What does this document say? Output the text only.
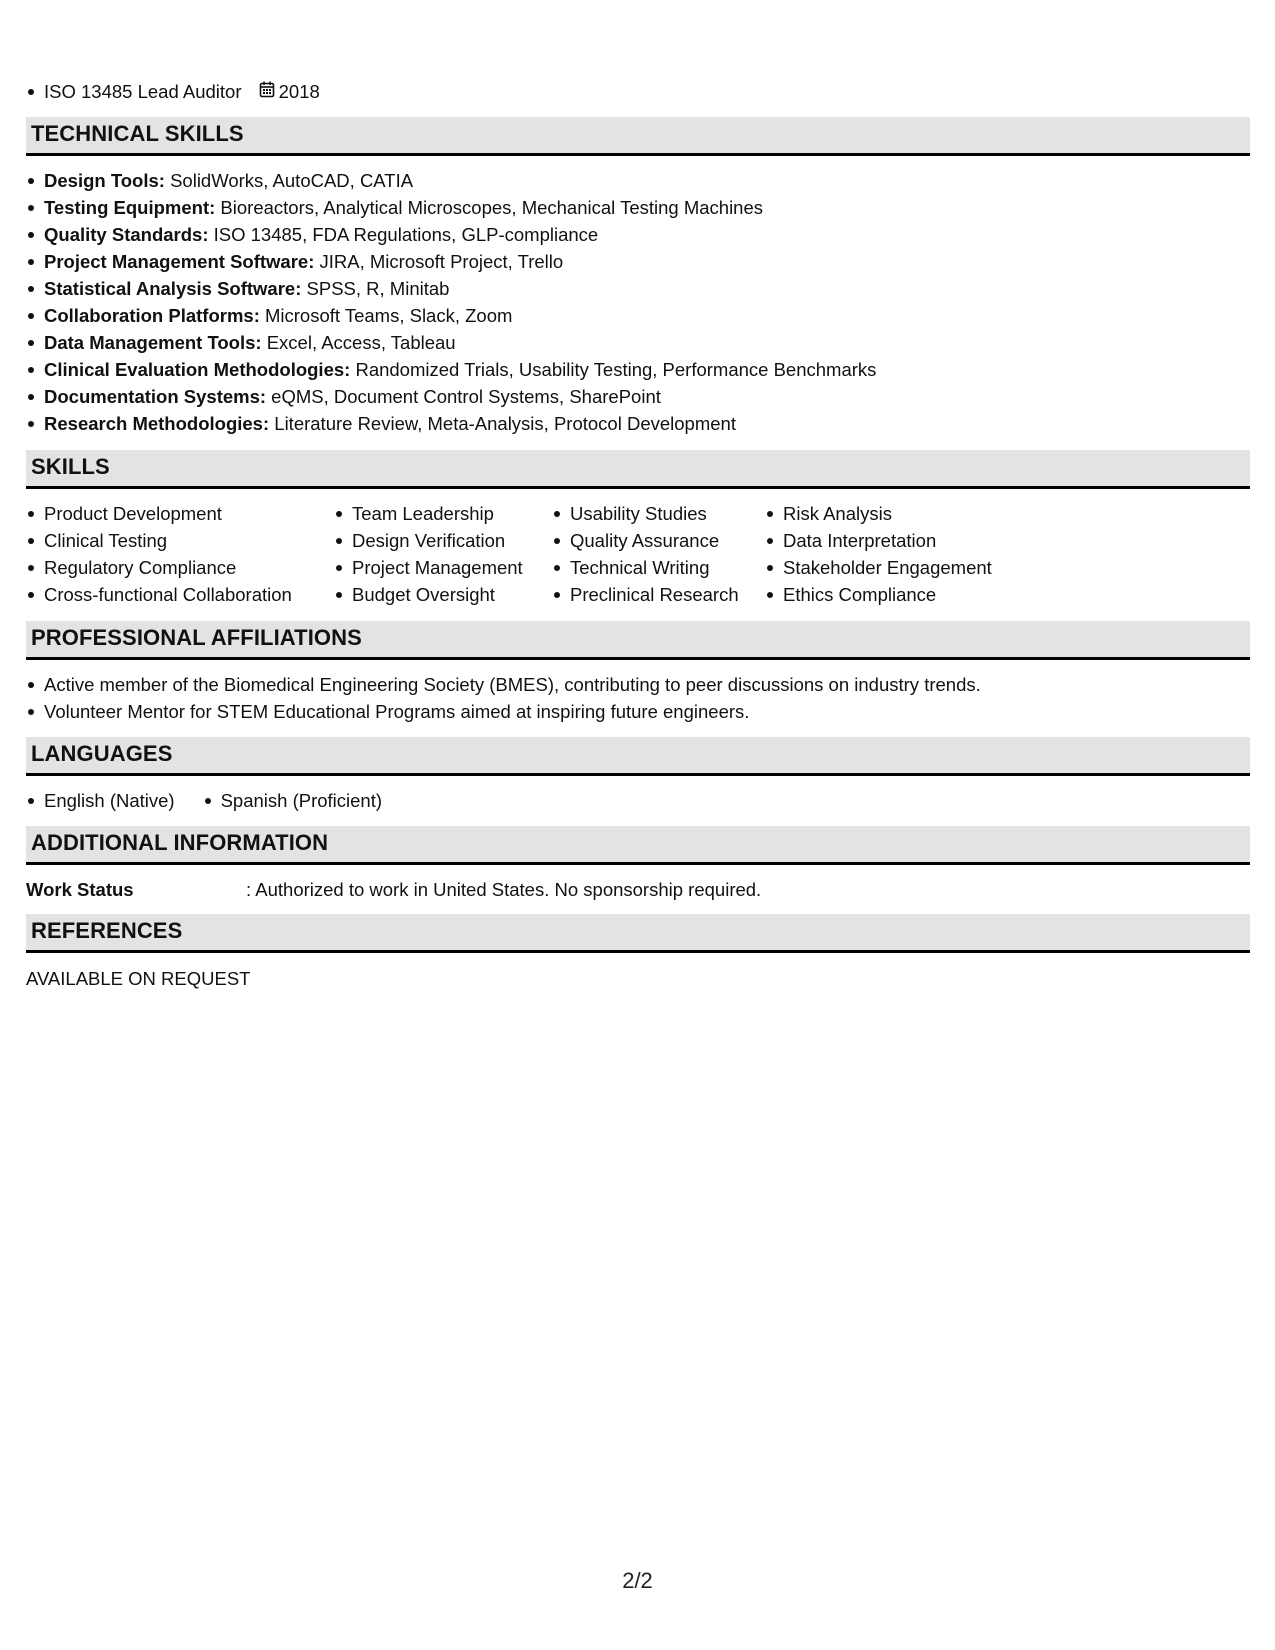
ISO 13485 Lead Auditor 2018
TECHNICAL SKILLS
Design Tools: SolidWorks, AutoCAD, CATIA
Testing Equipment: Bioreactors, Analytical Microscopes, Mechanical Testing Machines
Quality Standards: ISO 13485, FDA Regulations, GLP-compliance
Project Management Software: JIRA, Microsoft Project, Trello
Statistical Analysis Software: SPSS, R, Minitab
Collaboration Platforms: Microsoft Teams, Slack, Zoom
Data Management Tools: Excel, Access, Tableau
Clinical Evaluation Methodologies: Randomized Trials, Usability Testing, Performance Benchmarks
Documentation Systems: eQMS, Document Control Systems, SharePoint
Research Methodologies: Literature Review, Meta-Analysis, Protocol Development
SKILLS
Product Development
Clinical Testing
Regulatory Compliance
Cross-functional Collaboration
Team Leadership
Design Verification
Project Management
Budget Oversight
Usability Studies
Quality Assurance
Technical Writing
Preclinical Research
Risk Analysis
Data Interpretation
Stakeholder Engagement
Ethics Compliance
PROFESSIONAL AFFILIATIONS
Active member of the Biomedical Engineering Society (BMES), contributing to peer discussions on industry trends.
Volunteer Mentor for STEM Educational Programs aimed at inspiring future engineers.
LANGUAGES
English (Native)	Spanish (Proficient)
ADDITIONAL INFORMATION
Work Status	: Authorized to work in United States. No sponsorship required.
REFERENCES
AVAILABLE ON REQUEST
2/2
